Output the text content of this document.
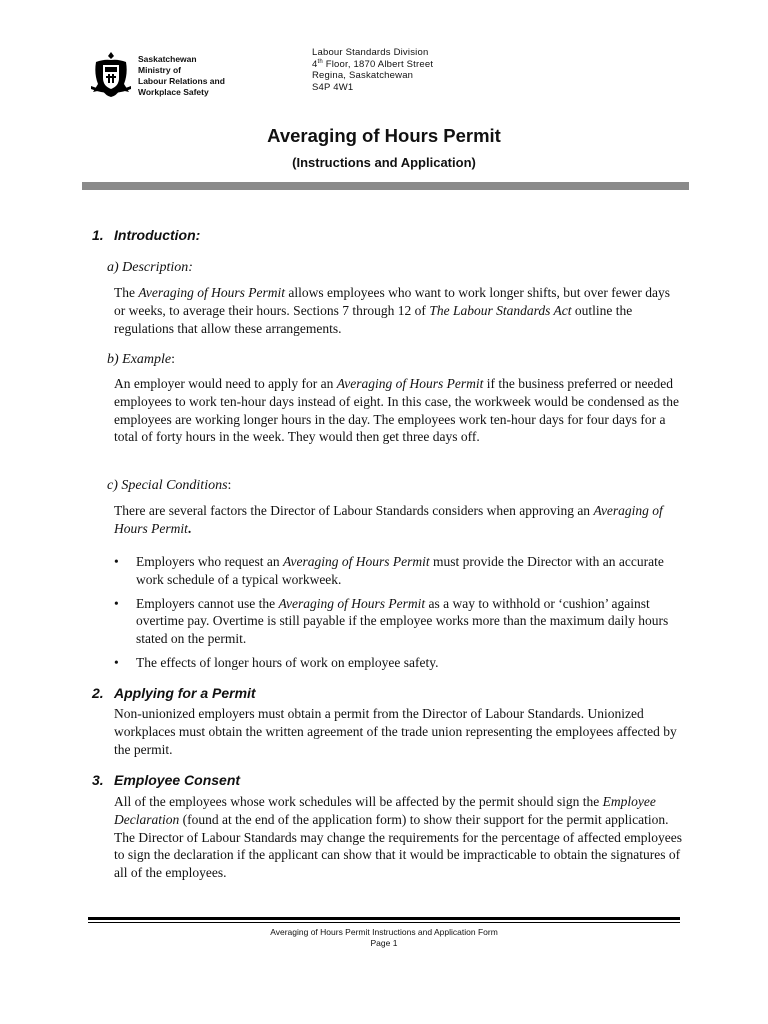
Saskatchewan
Ministry of
Labour Relations and
Workplace Safety
Labour Standards Division
4th Floor, 1870 Albert Street
Regina, Saskatchewan
S4P 4W1
Averaging of Hours Permit
(Instructions and Application)
1. Introduction:
a) Description:
The Averaging of Hours Permit allows employees who want to work longer shifts, but over fewer days or weeks, to average their hours. Sections 7 through 12 of The Labour Standards Act outline the regulations that allow these arrangements.
b) Example:
An employer would need to apply for an Averaging of Hours Permit if the business preferred or needed employees to work ten-hour days instead of eight. In this case, the workweek would be condensed as the employees are working longer hours in the day. The employees work ten-hour days for four days for a total of forty hours in the week. They would then get three days off.
c) Special Conditions:
There are several factors the Director of Labour Standards considers when approving an Averaging of Hours Permit.
• Employers who request an Averaging of Hours Permit must provide the Director with an accurate work schedule of a typical workweek.
• Employers cannot use the Averaging of Hours Permit as a way to withhold or ‘cushion’ against overtime pay. Overtime is still payable if the employee works more than the maximum daily hours stated on the permit.
• The effects of longer hours of work on employee safety.
2. Applying for a Permit
Non-unionized employers must obtain a permit from the Director of Labour Standards. Unionized workplaces must obtain the written agreement of the trade union representing the employees affected by the permit.
3. Employee Consent
All of the employees whose work schedules will be affected by the permit should sign the Employee Declaration (found at the end of the application form) to show their support for the permit application. The Director of Labour Standards may change the requirements for the percentage of affected employees to sign the declaration if the applicant can show that it would be impracticable to obtain the signatures of all of the employees.
Averaging of Hours Permit Instructions and Application Form
Page 1
